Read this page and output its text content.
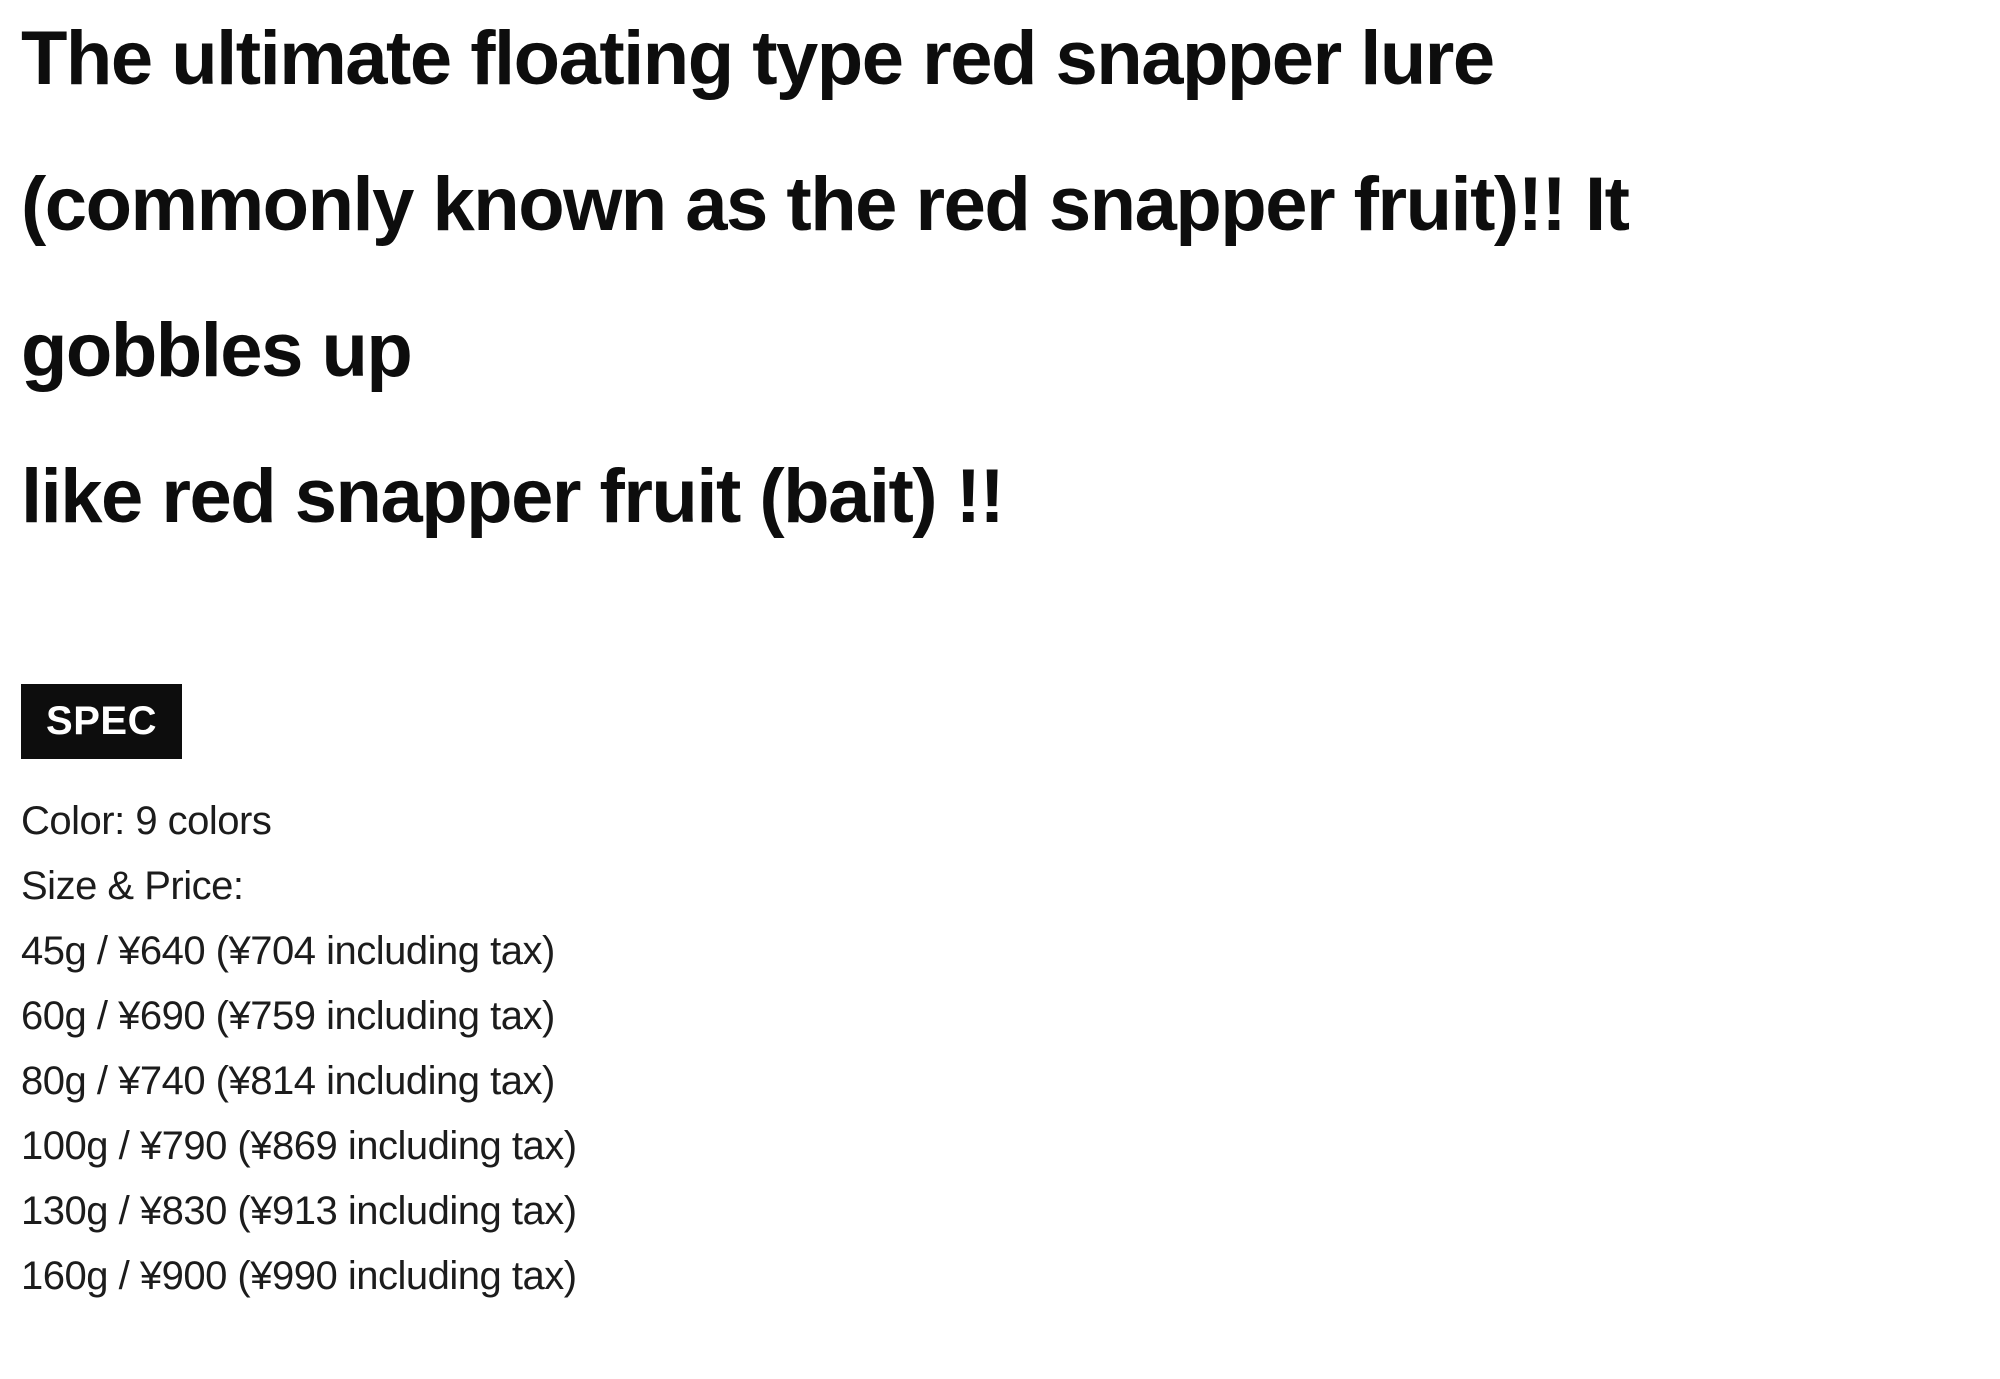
The ultimate floating type red snapper lure
(commonly known as the red snapper fruit)!! It
gobbles up
like red snapper fruit (bait) !!
SPEC
Color: 9 colors
Size & Price:
45g / ¥640 (¥704 including tax)
60g / ¥690 (¥759 including tax)
80g / ¥740 (¥814 including tax)
100g / ¥790 (¥869 including tax)
130g / ¥830 (¥913 including tax)
160g / ¥900 (¥990 including tax)
